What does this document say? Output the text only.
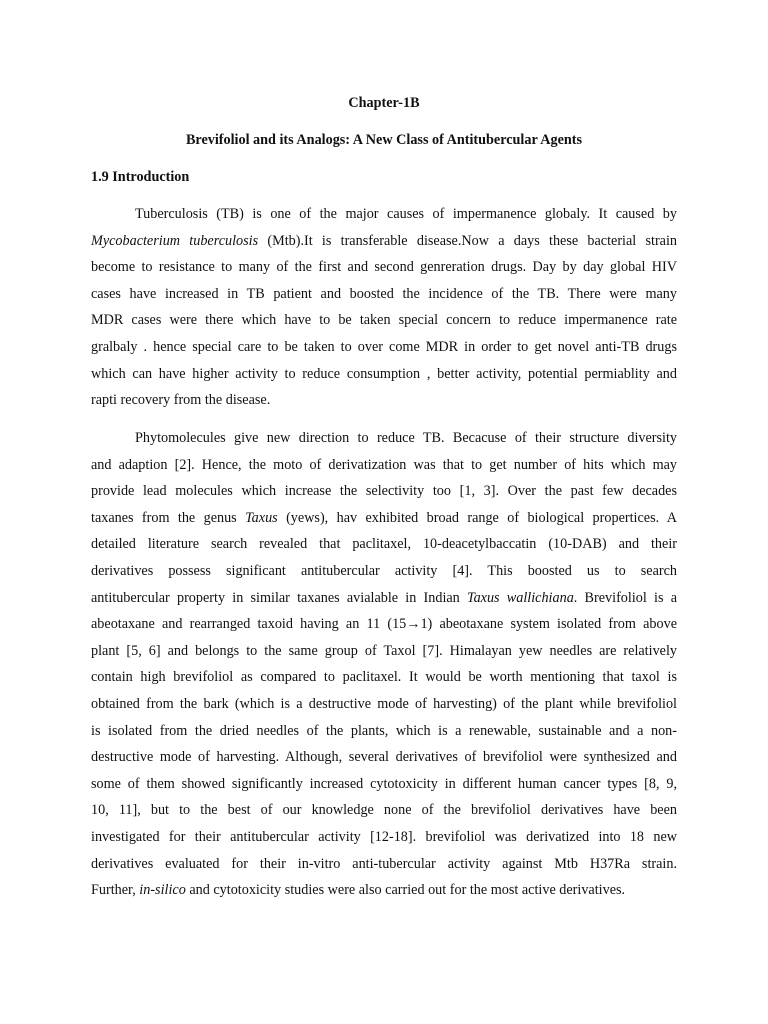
Chapter-1B
Brevifoliol and its Analogs: A New Class of Antitubercular Agents
1.9 Introduction
Tuberculosis (TB) is one of the major causes of impermanence globaly. It caused by
Mycobacterium tuberculosis (Mtb).It is transferable disease.Now a days these bacterial strain
become to resistance to many of the first and second genreration drugs. Day by day global HIV
cases have increased in TB patient and boosted the incidence of the TB. There were many
MDR cases were there which have to be taken special concern to reduce impermanence rate
gralbaly . hence special care to be taken to over come MDR in order to get novel anti-TB drugs
which can have higher activity to reduce consumption , better activity, potential permiablity and
rapti recovery from the disease.
Phytomolecules give new direction to reduce TB. Becacuse of their structure diversity
and adaption [2]. Hence, the moto of derivatization was that to get number of hits which may
provide lead molecules which increase the selectivity too [1, 3]. Over the past few decades
taxanes from the genus Taxus (yews), hav exhibited broad range of biological propertices. A
detailed literature search revealed that paclitaxel, 10-deacetylbaccatin (10-DAB) and their
derivatives possess significant antitubercular activity [4]. This boosted us to search
antitubercular property in similar taxanes avialable in Indian Taxus wallichiana. Brevifoliol is a
abeotaxane and rearranged taxoid having an 11 (15→1) abeotaxane system isolated from above
plant [5, 6] and belongs to the same group of Taxol [7]. Himalayan yew needles are relatively
contain high brevifoliol as compared to paclitaxel. It would be worth mentioning that taxol is
obtained from the bark (which is a destructive mode of harvesting) of the plant while brevifoliol
is isolated from the dried needles of the plants, which is a renewable, sustainable and a non-
destructive mode of harvesting. Although, several derivatives of brevifoliol were synthesized and
some of them showed significantly increased cytotoxicity in different human cancer types [8, 9,
10, 11], but to the best of our knowledge none of the brevifoliol derivatives have been
investigated for their antitubercular activity [12-18]. brevifoliol was derivatized into 18 new
derivatives evaluated for their in-vitro anti-tubercular activity against Mtb H37Ra strain.
Further, in-silico and cytotoxicity studies were also carried out for the most active derivatives.
